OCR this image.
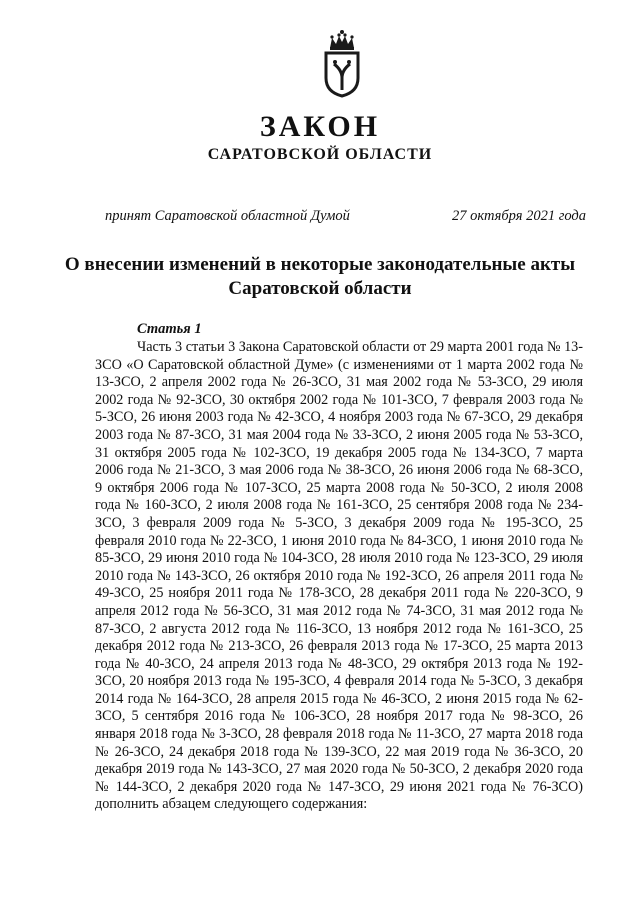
ЗАКОН
САРАТОВСКОЙ ОБЛАСТИ
принят Саратовской областной Думой	27 октября 2021 года
О внесении изменений в некоторые законодательные акты Саратовской области
Статья 1

Часть 3 статьи 3 Закона Саратовской области от 29 марта 2001 года № 13-ЗСО «О Саратовской областной Думе» (с изменениями от 1 марта 2002 года № 13-ЗСО, 2 апреля 2002 года № 26-ЗСО, 31 мая 2002 года № 53-ЗСО, 29 июля 2002 года № 92-ЗСО, 30 октября 2002 года № 101-ЗСО, 7 февраля 2003 года № 5-ЗСО, 26 июня 2003 года № 42-ЗСО, 4 ноября 2003 года № 67-ЗСО, 29 декабря 2003 года № 87-ЗСО, 31 мая 2004 года № 33-ЗСО, 2 июня 2005 года № 53-ЗСО, 31 октября 2005 года № 102-ЗСО, 19 декабря 2005 года № 134-ЗСО, 7 марта 2006 года № 21-ЗСО, 3 мая 2006 года № 38-ЗСО, 26 июня 2006 года № 68-ЗСО, 9 октября 2006 года № 107-ЗСО, 25 марта 2008 года № 50-ЗСО, 2 июля 2008 года № 160-ЗСО, 2 июля 2008 года № 161-ЗСО, 25 сентября 2008 года № 234-ЗСО, 3 февраля 2009 года № 5-ЗСО, 3 декабря 2009 года № 195-ЗСО, 25 февраля 2010 года № 22-ЗСО, 1 июня 2010 года № 84-ЗСО, 1 июня 2010 года № 85-ЗСО, 29 июня 2010 года № 104-ЗСО, 28 июля 2010 года № 123-ЗСО, 29 июля 2010 года № 143-ЗСО, 26 октября 2010 года № 192-ЗСО, 26 апреля 2011 года № 49-ЗСО, 25 ноября 2011 года № 178-ЗСО, 28 декабря 2011 года № 220-ЗСО, 9 апреля 2012 года № 56-ЗСО, 31 мая 2012 года № 74-ЗСО, 31 мая 2012 года № 87-ЗСО, 2 августа 2012 года № 116-ЗСО, 13 ноября 2012 года № 161-ЗСО, 25 декабря 2012 года № 213-ЗСО, 26 февраля 2013 года № 17-ЗСО, 25 марта 2013 года № 40-ЗСО, 24 апреля 2013 года № 48-ЗСО, 29 октября 2013 года № 192-ЗСО, 20 ноября 2013 года № 195-ЗСО, 4 февраля 2014 года № 5-ЗСО, 3 декабря 2014 года № 164-ЗСО, 28 апреля 2015 года № 46-ЗСО, 2 июня 2015 года № 62-ЗСО, 5 сентября 2016 года № 106-ЗСО, 28 ноября 2017 года № 98-ЗСО, 26 января 2018 года № 3-ЗСО, 28 февраля 2018 года № 11-ЗСО, 27 марта 2018 года № 26-ЗСО, 24 декабря 2018 года № 139-ЗСО, 22 мая 2019 года № 36-ЗСО, 20 декабря 2019 года № 143-ЗСО, 27 мая 2020 года № 50-ЗСО, 2 декабря 2020 года № 144-ЗСО, 2 декабря 2020 года № 147-ЗСО, 29 июня 2021 года № 76-ЗСО) дополнить абзацем следующего содержания:
